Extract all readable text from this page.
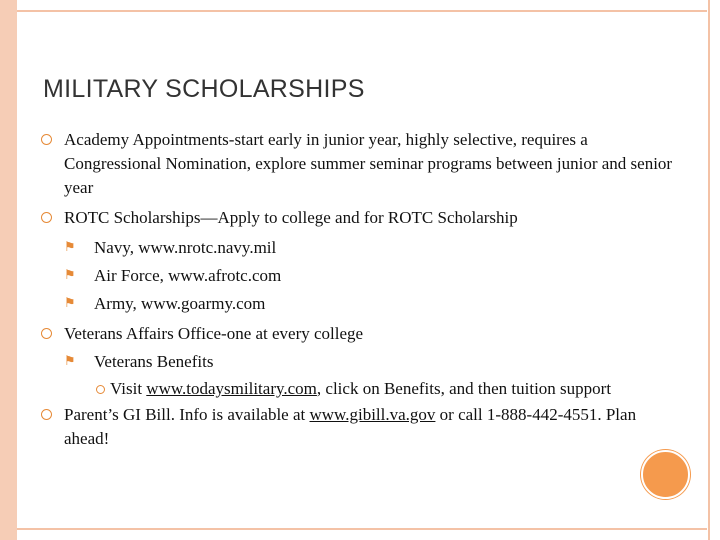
MILITARY SCHOLARSHIPS
Academy Appointments-start early in junior year, highly selective, requires a Congressional Nomination, explore summer seminar programs between junior and senior year
ROTC Scholarships—Apply to college and for ROTC Scholarship
⚑ Navy, www.nrotc.navy.mil
⚑ Air Force, www.afrotc.com
⚑ Army, www.goarmy.com
Veterans Affairs Office-one at every college
⚑ Veterans Benefits
Visit www.todaysmilitary.com, click on Benefits, and then tuition support
Parent’s GI Bill. Info is available at www.gibill.va.gov or call 1-888-442-4551. Plan ahead!
